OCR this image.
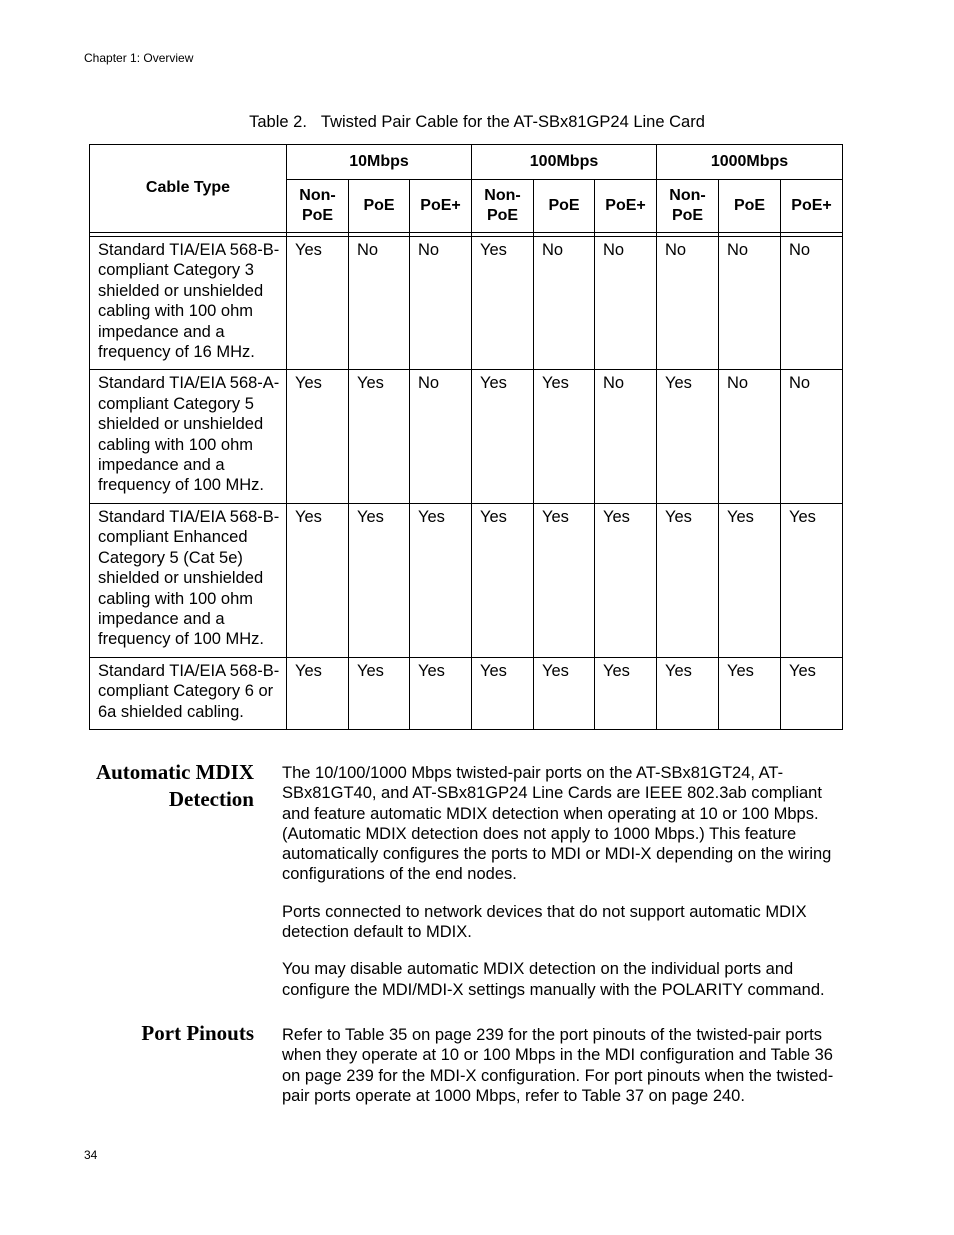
Chapter 1: Overview
Table 2. Twisted Pair Cable for the AT-SBx81GP24 Line Card
Cable Type	10Mbps			100Mbps			1000Mbps		
	Non-PoE	PoE	PoE+	Non-PoE	PoE	PoE+	Non-PoE	PoE	PoE+

Standard TIA/EIA 568-B-compliant Category 3 shielded or unshielded cabling with 100 ohm impedance and a frequency of 16 MHz.	Yes	No	No	Yes	No	No	No	No	No
Standard TIA/EIA 568-A-compliant Category 5 shielded or unshielded cabling with 100 ohm impedance and a frequency of 100 MHz.	Yes	Yes	No	Yes	Yes	No	Yes	No	No
Standard TIA/EIA 568-B-compliant Enhanced Category 5 (Cat 5e) shielded or unshielded cabling with 100 ohm impedance and a frequency of 100 MHz.	Yes	Yes	Yes	Yes	Yes	Yes	Yes	Yes	Yes
Standard TIA/EIA 568-B-compliant Category 6 or 6a shielded cabling.	Yes	Yes	Yes	Yes	Yes	Yes	Yes	Yes	Yes
Automatic MDIX
Detection

The 10/100/1000 Mbps twisted-pair ports on the AT-SBx81GT24, AT-SBx81GT40, and AT-SBx81GP24 Line Cards are IEEE 802.3ab compliant and feature automatic MDIX detection when operating at 10 or 100 Mbps. (Automatic MDIX detection does not apply to 1000 Mbps.) This feature automatically configures the ports to MDI or MDI-X depending on the wiring configurations of the end nodes.

Ports connected to network devices that do not support automatic MDIX detection default to MDIX.

You may disable automatic MDIX detection on the individual ports and configure the MDI/MDI-X settings manually with the POLARITY command.

Port Pinouts Refer to Table 35 on page 239 for the port pinouts of the twisted-pair ports when they operate at 10 or 100 Mbps in the MDI configuration and Table 36 on page 239 for the MDI-X configuration. For port pinouts when the twisted-pair ports operate at 1000 Mbps, refer to Table 37 on page 240.

34
